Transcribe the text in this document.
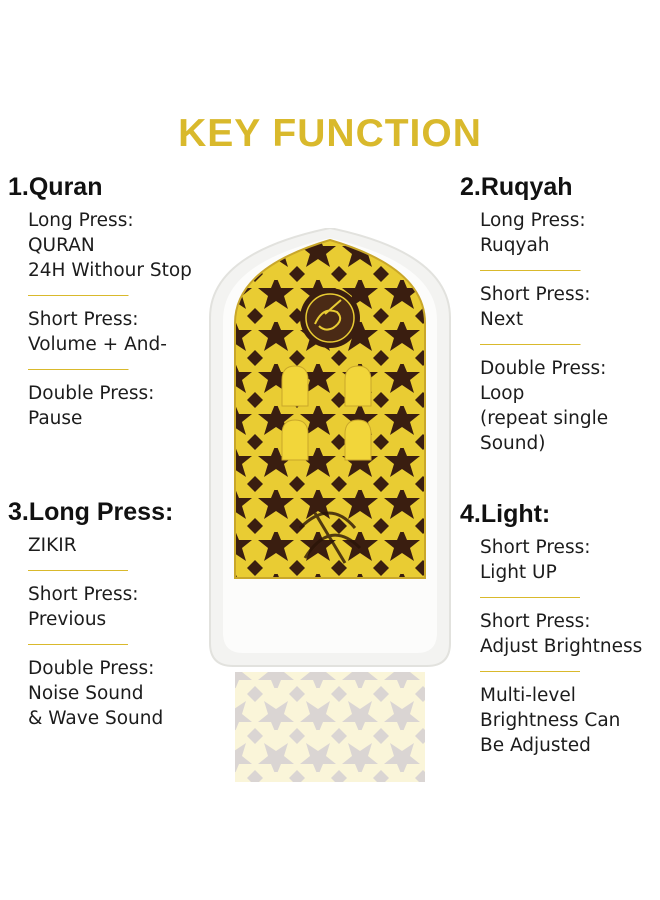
KEY FUNCTION
1.Quran
Long Press:
QURAN
24H Withour Stop
Short Press:
Volume + And-
Double Press:
Pause
2.Ruqyah
Long Press:
Ruqyah
Short Press:
Next
Double Press:
Loop
(repeat single
Sound)
3.Long Press:
ZIKIR
Short Press:
Previous
Double Press:
Noise Sound
& Wave Sound
4.Light:
Short Press:
Light UP
Short Press:
Adjust Brightness
Multi-level
Brightness Can
Be Adjusted
